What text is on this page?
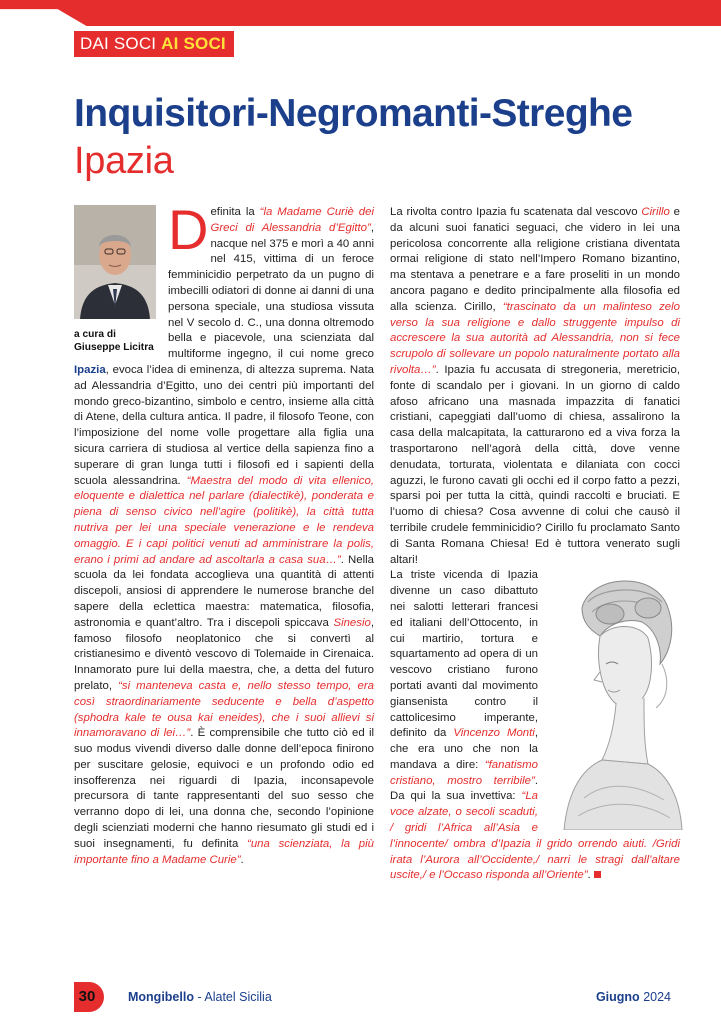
DAI SOCI AI SOCI
Inquisitori-Negromanti-Streghe
Ipazia
a cura di
Giuseppe Licitra
D efinita la “la Madame Curiè dei Greci di Alessandria d’Egitto”, nacque nel 375 e morì a 40 anni nel 415, vittima di un feroce femminicidio perpetrato da un pugno di imbecilli odiatori di donne ai danni di una persona speciale, una studiosa vissuta nel V secolo d. C., una donna oltremodo bella e piacevole, una scienziata dal multiforme ingegno, il cui nome greco Ipazia, evoca l’idea di eminenza, di altezza suprema. Nata ad Alessandria d’Egitto, uno dei centri più importanti del mondo greco-bizantino, simbolo e centro, insieme alla città di Atene, della cultura antica. Il padre, il filosofo Teone, con l’imposizione del nome volle progettare alla figlia una sicura carriera di studiosa al vertice della sapienza fino a superare di gran lunga tutti i filosofi ed i sapienti della scuola alessandrina. “Maestra del modo di vita ellenico, eloquente e dialettica nel parlare (dialectikè), ponderata e piena di senso civico nell’agire (politikè), la città tutta nutriva per lei una speciale venerazione e le rendeva omaggio. E i capi politici venuti ad amministrare la polis, erano i primi ad andare ad ascoltarla a casa sua…”. Nella scuola da lei fondata accoglieva una quantità di attenti discepoli, ansiosi di apprendere le numerose branche del sapere della eclettica maestra: matematica, filosofia, astronomia e quant’altro. Tra i discepoli spiccava Sinesio, famoso filosofo neoplatonico che si convertì al cristianesimo e diventò vescovo di Tolemaide in Cirenaica. Innamorato pure lui della maestra, che, a detta del futuro prelato, “si manteneva casta e, nello stesso tempo, era così straordinariamente seducente e bella d’aspetto (sphodra kale te ousa kai eneides), che i suoi allievi si innamoravano di lei…”. È comprensibile che tutto ciò ed il suo modus vivendi diverso dalle donne dell’epoca finirono per suscitare gelosie, equivoci e un profondo odio ed insofferenza nei riguardi di Ipazia, inconsapevole precursora di tante rappresentanti del suo sesso che verranno dopo di lei, una donna che, secondo l’opinione degli scienziati moderni che hanno riesumato gli studi ed i suoi insegnamenti, fu definita “una scienziata, la più importante fino a Madame Curie”.

La rivolta contro Ipazia fu scatenata dal vescovo Cirillo e da alcuni suoi fanatici seguaci, che videro in lei una pericolosa concorrente alla religione cristiana diventata ormai religione di stato nell’Impero Romano bizantino, ma stentava a penetrare e a fare proseliti in un mondo ancora pagano e dedito principalmente alla filosofia ed alla scienza. Cirillo, “trascinato da un malinteso zelo verso la sua religione e dallo struggente impulso di accrescere la sua autorità ad Alessandria, non si fece scrupolo di sollevare un popolo naturalmente portato alla rivolta…”. Ipazia fu accusata di stregoneria, meretricio, fonte di scandalo per i giovani. In un giorno di caldo afoso africano una masnada impazzita di fanatici cristiani, capeggiati dall’uomo di chiesa, assalirono la casa della malcapitata, la catturarono ed a viva forza la trasportarono nell’agorà della città, dove venne denudata, torturata, violentata e dilaniata con cocci aguzzi, le furono cavati gli occhi ed il corpo fatto a pezzi, sparsi poi per tutta la città, quindi raccolti e bruciati. E l’uomo di chiesa? Cosa avvenne di colui che causò il terribile crudele femminicidio? Cirillo fu proclamato Santo di Santa Romana Chiesa! Ed è tuttora venerato sugli altari!

La triste vicenda di Ipazia divenne un caso dibattuto nei salotti letterari francesi ed italiani dell’Ottocento, in cui martirio, tortura e squartamento ad opera di un vescovo cristiano furono portati avanti dal movimento giansenista contro il cattolicesimo imperante, definito da Vincenzo Monti, che era uno che non la mandava a dire: “fanatismo cristiano, mostro terribile”. Da qui la sua invettiva: “La voce alzate, o secoli scaduti, / gridi l’Africa all’Asia e l’innocente/ ombra d’Ipazia il grido orrendo aiuti. /Gridi irata l’Aurora all’Occidente,/ narri le stragi dall’altare uscite,/ e l’Occaso risponda all’Oriente”.

30	Mongibello - Alatel Sicilia	Giugno 2024
